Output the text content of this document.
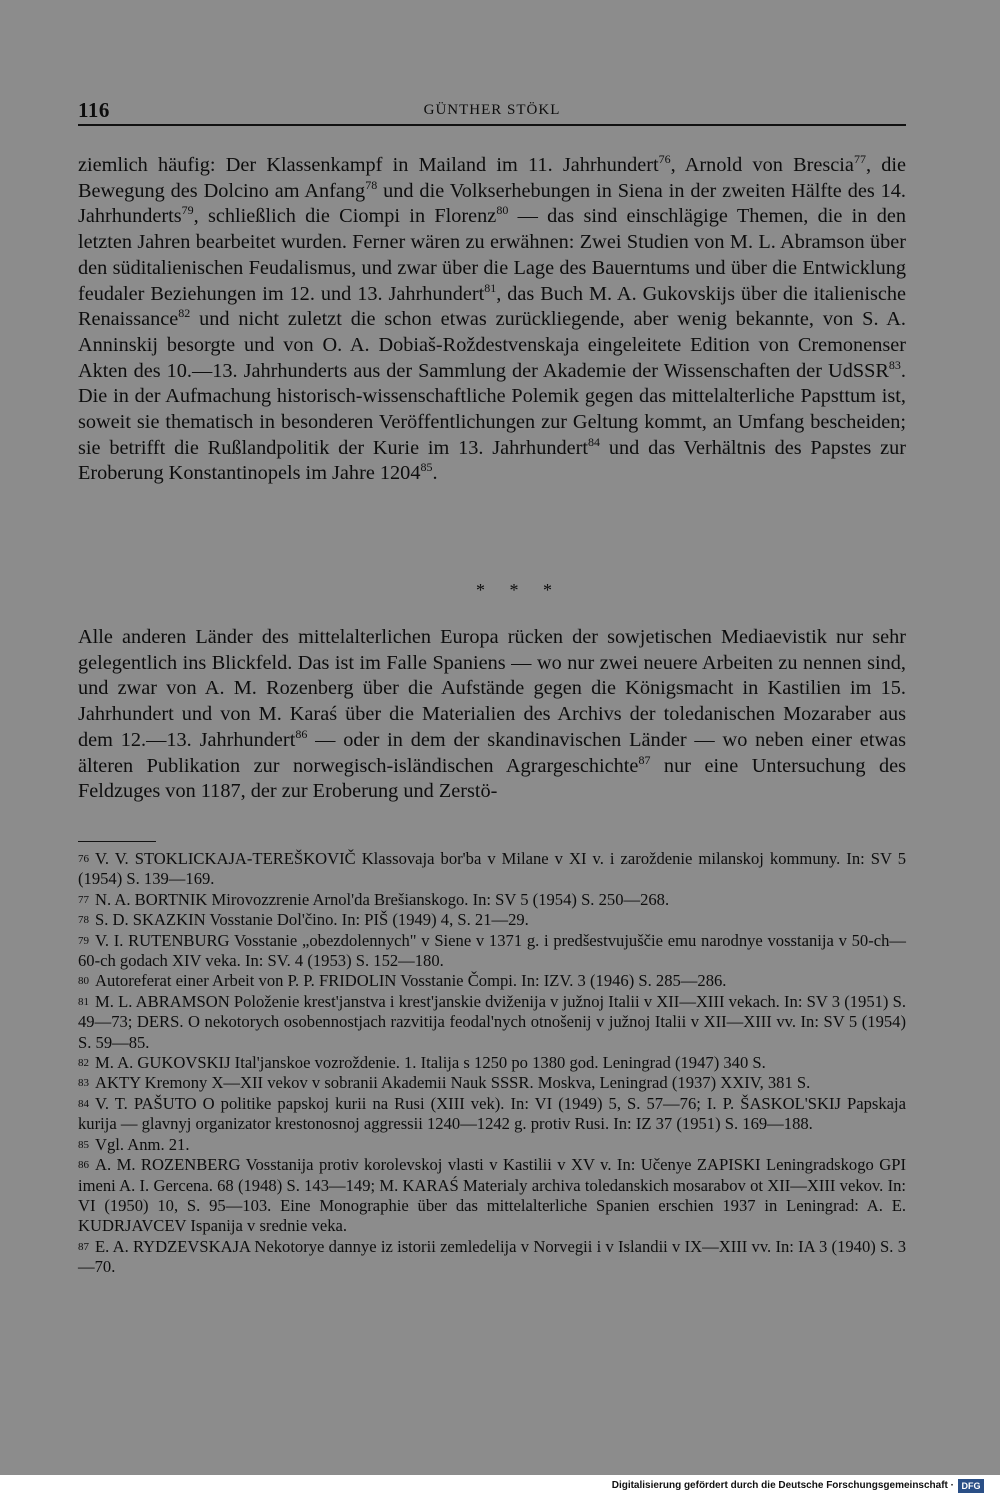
116	GÜNTHER STÖKL

ziemlich häufig: Der Klassenkampf in Mailand im 11. Jahrhundert$^{76}$, Arnold von Brescia$^{77}$, die Bewegung des Dolcino am Anfang$^{78}$ und die Volkserhebungen in Siena in der zweiten Hälfte des 14. Jahrhunderts$^{79}$, schließlich die Ciompi in Florenz$^{80}$ — das sind einschlägige Themen, die in den letzten Jahren bearbeitet wurden. Ferner wären zu erwähnen: Zwei Studien von M. L. Abramson über den süditalienischen Feudalismus, und zwar über die Lage des Bauerntums und über die Entwicklung feudaler Beziehungen im 12. und 13. Jahrhundert$^{81}$, das Buch M. A. Gukovskijs über die italienische Renaissance$^{82}$ und nicht zuletzt die schon etwas zurückliegende, aber wenig bekannte, von S. A. Anninskij besorgte und von O. A. Dobiaš-Roždestvenskaja eingeleitete Edition von Cremonenser Akten des 10.—13. Jahrhunderts aus der Sammlung der Akademie der Wissenschaften der UdSSR$^{83}$. Die in der Aufmachung historisch-wissenschaftliche Polemik gegen das mittelalterliche Papsttum ist, soweit sie thematisch in besonderen Veröffentlichungen zur Geltung kommt, an Umfang bescheiden; sie betrifft die Rußlandpolitik der Kurie im 13. Jahrhundert$^{84}$ und das Verhältnis des Papstes zur Eroberung Konstantinopels im Jahre 1204$^{85}$.

* * *

Alle anderen Länder des mittelalterlichen Europa rücken der sowjetischen Mediaevistik nur sehr gelegentlich ins Blickfeld. Das ist im Falle Spaniens — wo nur zwei neuere Arbeiten zu nennen sind, und zwar von A. M. Rozenberg über die Aufstände gegen die Königsmacht in Kastilien im 15. Jahrhundert und von M. Karaś über die Materialien des Archivs der toledanischen Mozaraber aus dem 12.—13. Jahrhundert$^{86}$ — oder in dem der skandinavischen Länder — wo neben einer etwas älteren Publikation zur norwegisch-isländischen Agrargeschichte$^{87}$ nur eine Untersuchung des Feldzuges von 1187, der zur Eroberung und Zerstö-

76 V. V. STOKLICKAJA-TEREŠKOVIČ Klassovaja bor'ba v Milane v XI v. i zaroždenie milanskoj kommuny. In: SV 5 (1954) S. 139—169.
77 N. A. BORTNIK Mirovozzrenie Arnol'da Brešianskogo. In: SV 5 (1954) S. 250—268.
78 S. D. SKAZKIN Vosstanie Dol'čino. In: PIŠ (1949) 4, S. 21—29.
79 V. I. RUTENBURG Vosstanie „obezdolennych" v Siene v 1371 g. i predšestvujuščie emu narodnye vosstanija v 50-ch—60-ch godach XIV veka. In: SV. 4 (1953) S. 152—180.
80 Autoreferat einer Arbeit von P. P. FRIDOLIN Vosstanie Čompi. In: IZV. 3 (1946) S. 285—286.
81 M. L. ABRAMSON Položenie krest'janstva i krest'janskie dviženija v južnoj Italii v XII—XIII vekach. In: SV 3 (1951) S. 49—73; DERS. O nekotorych osobennostjach razvitija feodal'nych otnošenij v južnoj Italii v XII—XIII vv. In: SV 5 (1954) S. 59—85.
82 M. A. GUKOVSKIJ Ital'janskoe vozroždenie. 1. Italija s 1250 po 1380 god. Leningrad (1947) 340 S.
83 AKTY Kremony X—XII vekov v sobranii Akademii Nauk SSSR. Moskva, Leningrad (1937) XXIV, 381 S.
84 V. T. PAŠUTO O politike papskoj kurii na Rusi (XIII vek). In: VI (1949) 5, S. 57—76; I. P. ŠASKOL'SKIJ Papskaja kurija — glavnyj organizator krestonosnoj aggressii 1240—1242 g. protiv Rusi. In: IZ 37 (1951) S. 169—188.
85 Vgl. Anm. 21.
86 A. M. ROZENBERG Vosstanija protiv korolevskoj vlasti v Kastilii v XV v. In: Učenye ZAPISKI Leningradskogo GPI imeni A. I. Gercena. 68 (1948) S. 143—149; M. KARAŚ Materialy archiva toledanskich mosarabov ot XII—XIII vekov. In: VI (1950) 10, S. 95—103. Eine Monographie über das mittelalterliche Spanien erschien 1937 in Leningrad: A. E. KUDRJAVCEV Ispanija v srednie veka.
87 E. A. RYDZEVSKAJA Nekotorye dannye iz istorii zemledelija v Norvegii i v Islandii v IX—XIII vv. In: IA 3 (1940) S. 3—70.
Digitalisierung gefördert durch die Deutsche Forschungsgemeinschaft · DFG
